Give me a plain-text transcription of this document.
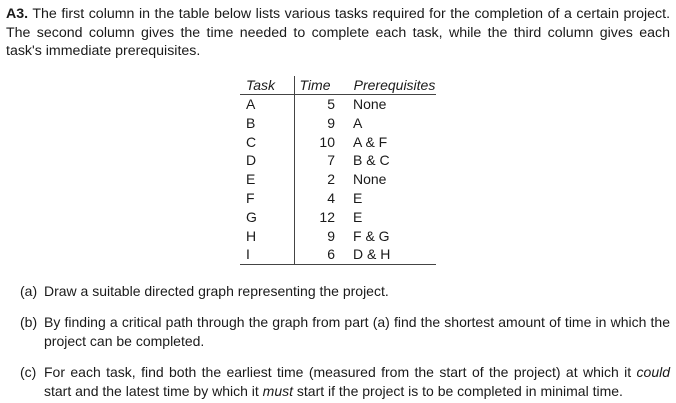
A3. The first column in the table below lists various tasks required for the completion of a certain project. The second column gives the time needed to complete each task, while the third column gives each task's immediate prerequisites.
Task	Time	Prerequisites
A	5	None
B	9	A
C	10	A & F
D	7	B & C
E	2	None
F	4	E
G	12	E
H	9	F & G
I	6	D & H
(a) Draw a suitable directed graph representing the project.
(b) By finding a critical path through the graph from part (a) find the shortest amount of time in which the project can be completed.
(c) For each task, find both the earliest time (measured from the start of the project) at which it could start and the latest time by which it must start if the project is to be completed in minimal time.
